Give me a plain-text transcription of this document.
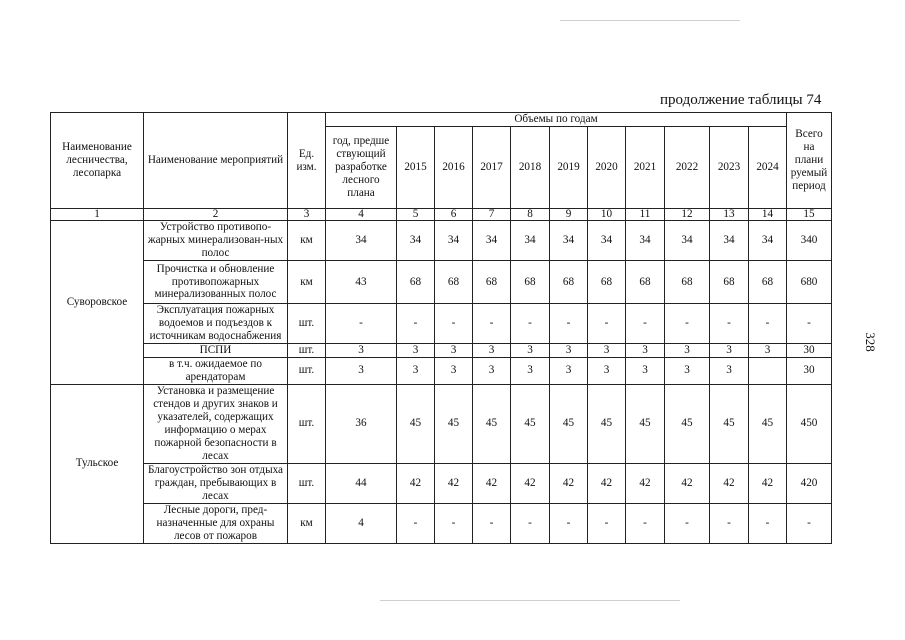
продолжение таблицы 74
328
Наименование лесничества, лесопарка	Наименование мероприятий	Ед. изм.	Объемы по годам											Всего на плани руемый период
			год, предше ствующий разработке лесного плана	2015	2016	2017	2018	2019	2020	2021	2022	2023	2024	
1	2	3	4	5	6	7	8	9	10	11	12	13	14	15
Суворовское	Устройство противопо-жарных минерализован-ных полос	км	34	34	34	34	34	34	34	34	34	34	34	340
	Прочистка и обновление противопожарных минерализованных полос	км	43	68	68	68	68	68	68	68	68	68	68	680
	Эксплуатация пожарных водоемов и подъездов к источникам водоснабжения	шт.	-	-	-	-	-	-	-	-	-	-	-	-
	ПСПИ	шт.	3	3	3	3	3	3	3	3	3	3	3	30
	в т.ч. ожидаемое по арендаторам	шт.	3	3	3	3	3	3	3	3	3	3		30
Тульское	Установка и размещение стендов и других знаков и указателей, содержащих информацию о мерах пожарной безопасности в лесах	шт.	36	45	45	45	45	45	45	45	45	45	45	450
	Благоустройство зон отдыха граждан, пребывающих в лесах	шт.	44	42	42	42	42	42	42	42	42	42	42	420
	Лесные дороги, пред-назначенные для охраны лесов от пожаров	км	4	-	-	-	-	-	-	-	-	-	-	-
